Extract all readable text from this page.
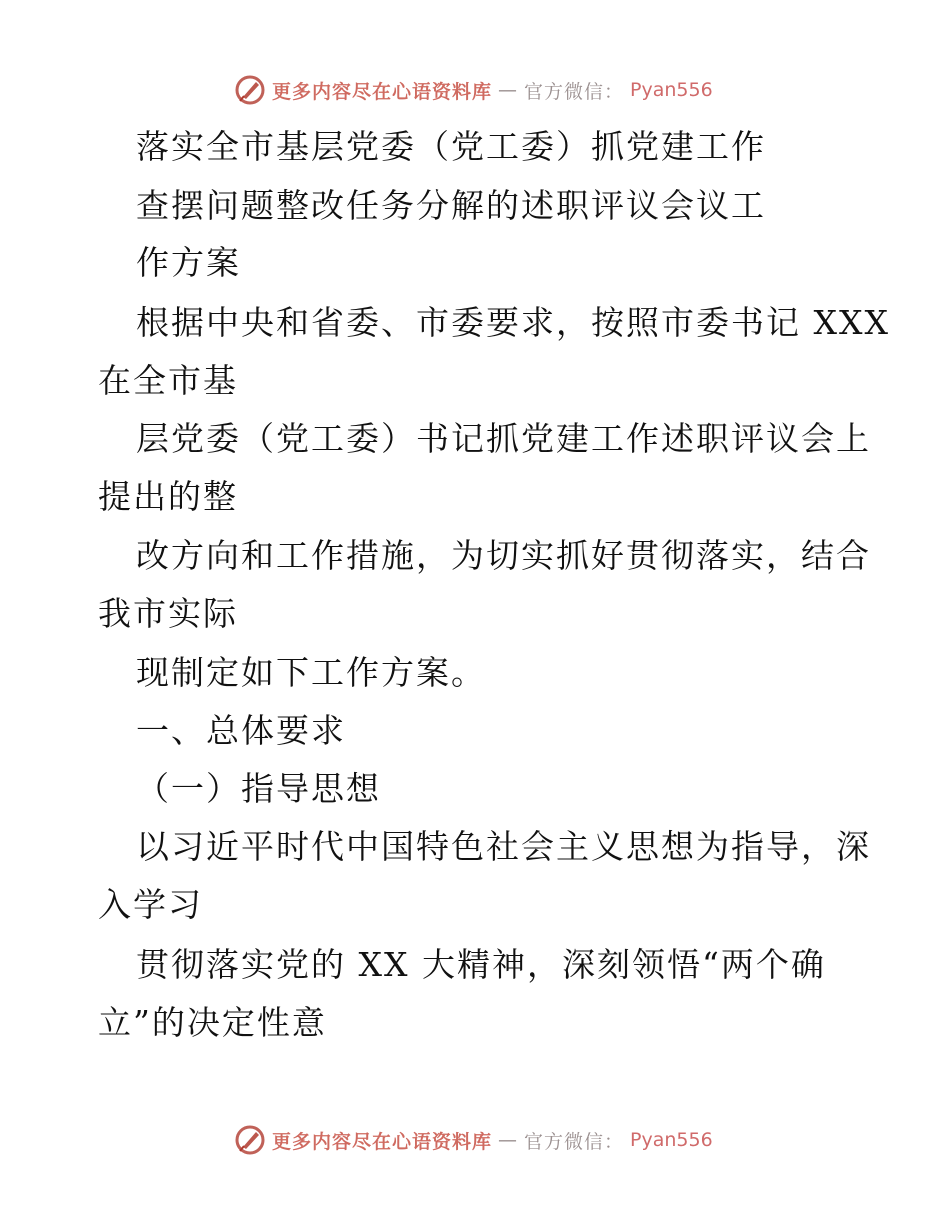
更多内容尽在心语资料库 — 官方微信： Pyan556
落实全市基层党委（党工委）抓党建工作
查摆问题整改任务分解的述职评议会议工
作方案
根据中央和省委、市委要求，按照市委书记 XXX
在全市基
层党委（党工委）书记抓党建工作述职评议会上
提出的整
改方向和工作措施，为切实抓好贯彻落实，结合
我市实际
现制定如下工作方案。
一、总体要求
（一）指导思想
以习近平时代中国特色社会主义思想为指导，深
入学习
贯彻落实党的 XX 大精神，深刻领悟“两个确
立”的决定性意
更多内容尽在心语资料库 — 官方微信： Pyan556
